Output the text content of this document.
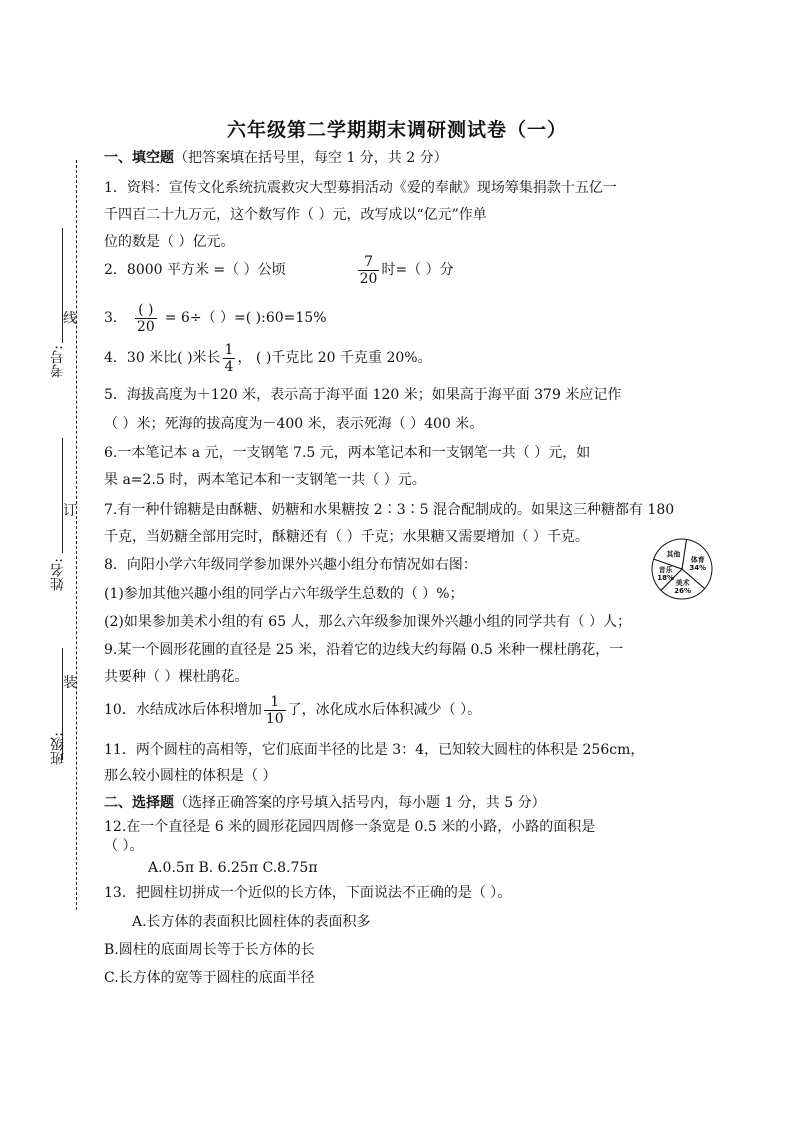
六年级第二学期期末调研测试卷（一）
考号:
线
姓名:
订
班级:
装
一、填空题（把答案填在括号里，每空 1 分，共 2 分）
1．资料：宣传文化系统抗震救灾大型募捐活动《爱的奉献》现场筹集捐款十五亿一
千四百二十九万元，这个数写作（ ）元，改写成以“亿元”作单
位的数是（ ）亿元。
2．8000 平方米 =（ ）公顷	$\frac{7}{20}$ 时=（ ）分
3． $\frac{( )}{20} = 6\div$（ ）=( ):60=15%
4．30 米比( )米长 $\frac{1}{4}$ ， ( )千克比 20 千克重 20%。
5．海拔高度为＋120 米，表示高于海平面 120 米；如果高于海平面 379 米应记作
（ ）米；死海的拔高度为－400 米，表示死海（ ）400 米。
6.一本笔记本 a 元，一支钢笔 7.5 元，两本笔记本和一支钢笔一共（ ）元，如
果 a=2.5 时，两本笔记本和一支钢笔一共（ ）元。
7.有一种什锦糖是由酥糖、奶糖和水果糖按 2∶3∶5 混合配制成的。如果这三种糖都有 180
千克，当奶糖全部用完时，酥糖还有（ ）千克；水果糖又需要增加（ ）千克。
8．向阳小学六年级同学参加课外兴趣小组分布情况如右图：
(1)参加其他兴趣小组的同学占六年级学生总数的（ ）%；
(2)如果参加美术小组的有 65 人，那么六年级参加课外兴趣小组的同学共有（ ）人；
体育
34%
美术
26%
音乐
18%
其他
9.某一个圆形花圃的直径是 25 米，沿着它的边线大约每隔 0.5 米种一棵杜鹃花，一
共要种（ ）棵杜鹃花。
10．水结成冰后体积增加 $\frac{1}{10}$ 了，冰化成水后体积减少（ ）。
11．两个圆柱的高相等，它们底面半径的比是 3：4，已知较大圆柱的体积是 256cm，
那么较小圆柱的体积是（ ）
二、选择题（选择正确答案的序号填入括号内，每小题 1 分，共 5 分）
12.在一个直径是 6 米的圆形花园四周修一条宽是 0.5 米的小路，小路的面积是
（ ）。
A.0.5π B. 6.25π C.8.75π
13．把圆柱切拼成一个近似的长方体，下面说法不正确的是（ ）。
A.长方体的表面积比圆柱体的表面积多
B.圆柱的底面周长等于长方体的长
C.长方体的宽等于圆柱的底面半径
